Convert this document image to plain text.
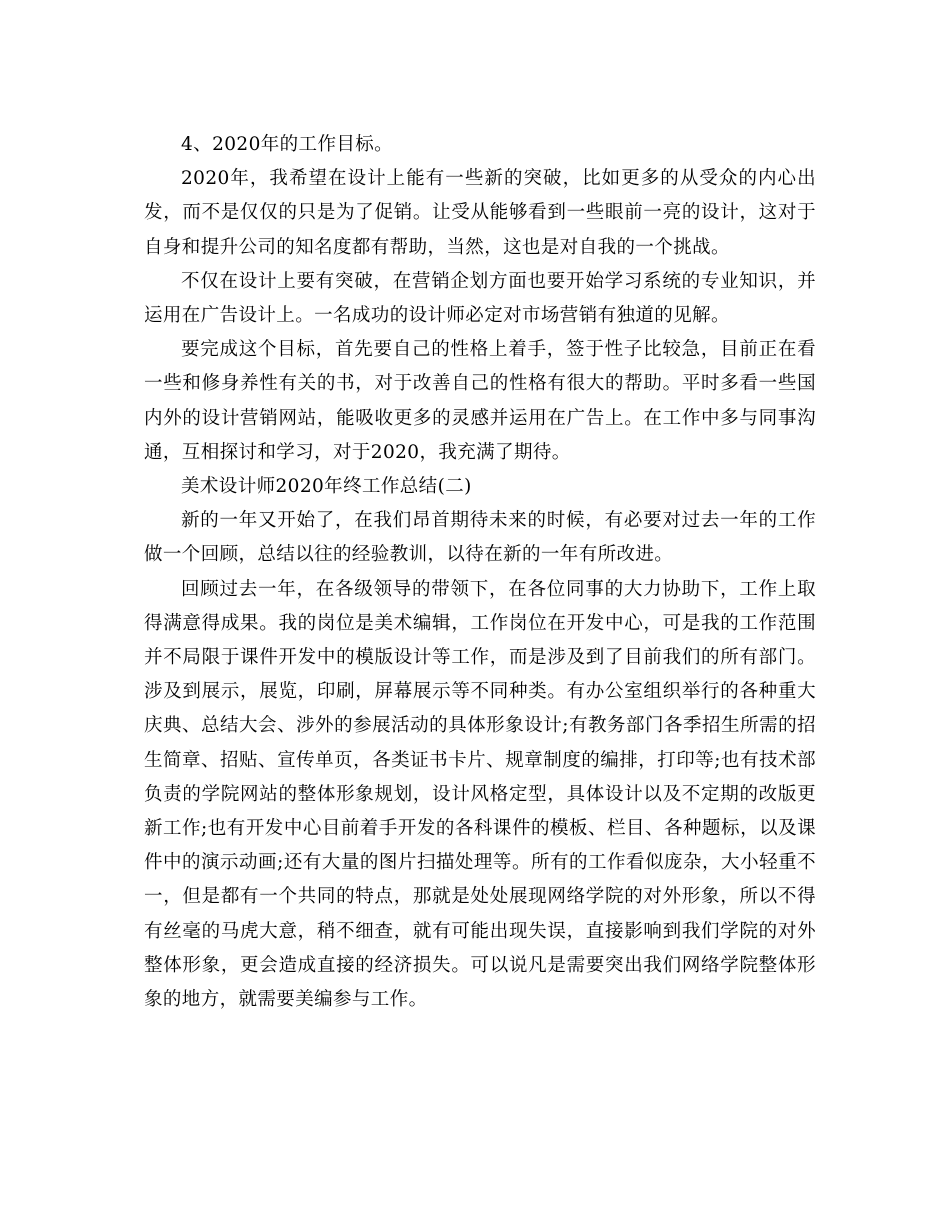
4、2020年的工作目标。

2020年，我希望在设计上能有一些新的突破，比如更多的从受众的内心出发，而不是仅仅的只是为了促销。让受从能够看到一些眼前一亮的设计，这对于自身和提升公司的知名度都有帮助，当然，这也是对自我的一个挑战。

不仅在设计上要有突破，在营销企划方面也要开始学习系统的专业知识，并运用在广告设计上。一名成功的设计师必定对市场营销有独道的见解。

要完成这个目标，首先要自己的性格上着手，签于性子比较急，目前正在看一些和修身养性有关的书，对于改善自己的性格有很大的帮助。平时多看一些国内外的设计营销网站，能吸收更多的灵感并运用在广告上。在工作中多与同事沟通，互相探讨和学习，对于2020，我充满了期待。

美术设计师2020年终工作总结(二)

新的一年又开始了，在我们昂首期待未来的时候，有必要对过去一年的工作做一个回顾，总结以往的经验教训，以待在新的一年有所改进。

回顾过去一年，在各级领导的带领下，在各位同事的大力协助下，工作上取得满意得成果。我的岗位是美术编辑，工作岗位在开发中心，可是我的工作范围并不局限于课件开发中的模版设计等工作，而是涉及到了目前我们的所有部门。涉及到展示，展览，印刷，屏幕展示等不同种类。有办公室组织举行的各种重大庆典、总结大会、涉外的参展活动的具体形象设计;有教务部门各季招生所需的招生简章、招贴、宣传单页，各类证书卡片、规章制度的编排，打印等;也有技术部负责的学院网站的整体形象规划，设计风格定型，具体设计以及不定期的改版更新工作;也有开发中心目前着手开发的各科课件的模板、栏目、各种题标，以及课件中的演示动画;还有大量的图片扫描处理等。所有的工作看似庞杂，大小轻重不一，但是都有一个共同的特点，那就是处处展现网络学院的对外形象，所以不得有丝毫的马虎大意，稍不细查，就有可能出现失误，直接影响到我们学院的对外整体形象，更会造成直接的经济损失。可以说凡是需要突出我们网络学院整体形象的地方，就需要美编参与工作。
